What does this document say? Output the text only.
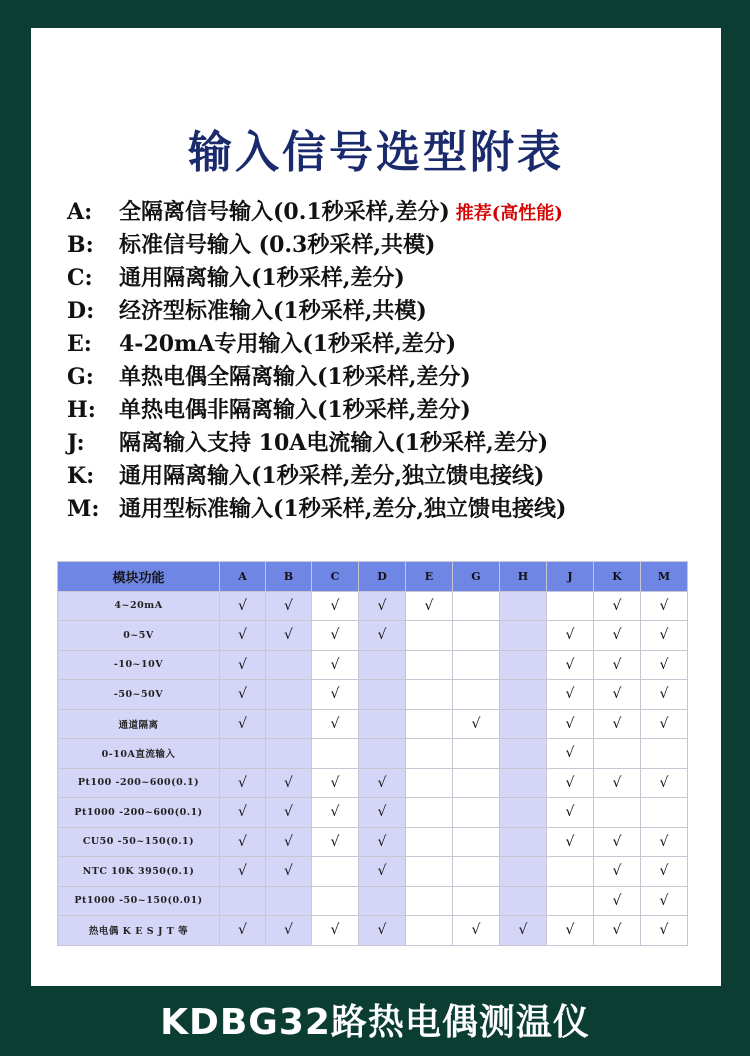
输入信号选型附表
A: 全隔离信号输入(0.1秒采样,差分) 推荐(高性能)
B: 标准信号输入 (0.3秒采样,共模)
C: 通用隔离输入(1秒采样,差分)
D: 经济型标准输入(1秒采样,共模)
E: 4-20mA专用输入(1秒采样,差分)
G: 单热电偶全隔离输入(1秒采样,差分)
H: 单热电偶非隔离输入(1秒采样,差分)
J: 隔离输入支持 10A电流输入(1秒采样,差分)
K: 通用隔离输入(1秒采样,差分,独立馈电接线)
M: 通用型标准输入(1秒采样,差分,独立馈电接线)
模块功能	A	B	C	D	E	G	H	J	K	M
4~20mA	√	√	√	√	√				√	√
0~5V	√	√	√	√				√	√	√
-10~10V	√		√					√	√	√
-50~50V	√		√					√	√	√
通道隔离	√		√			√		√	√	√
0-10A直流输入								√		
Pt100 -200~600(0.1)	√	√	√	√				√	√	√
Pt1000 -200~600(0.1)	√	√	√	√				√		
CU50 -50~150(0.1)	√	√	√	√				√	√	√
NTC 10K 3950(0.1)	√	√		√					√	√
Pt1000 -50~150(0.01)									√	√
热电偶 K E S J T 等	√	√	√	√		√	√	√	√	√
KDBG32路热电偶测温仪
